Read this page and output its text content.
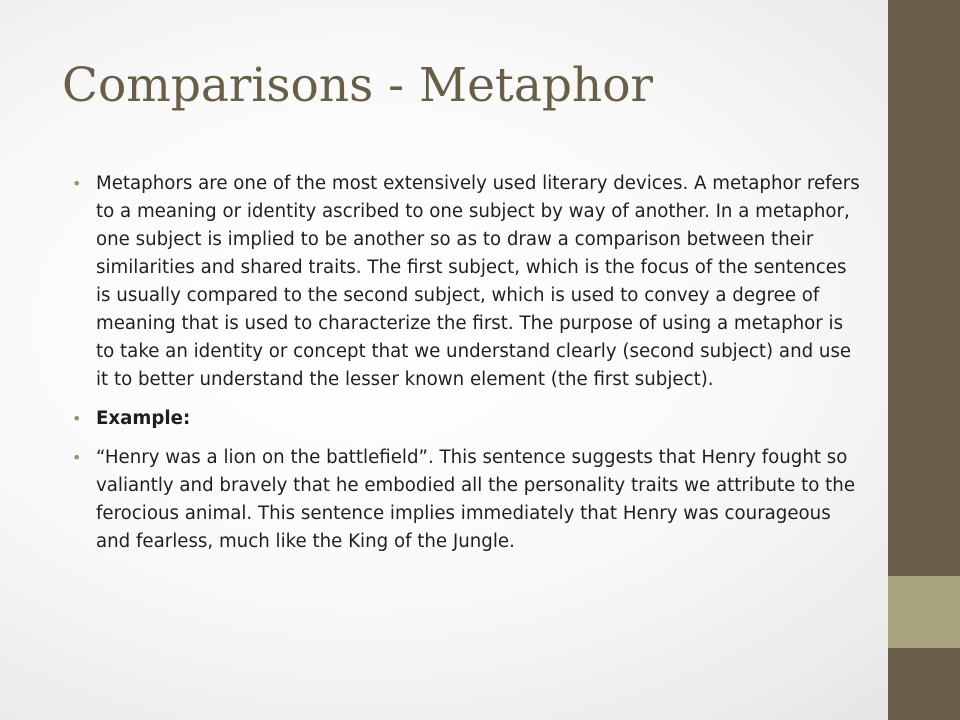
Comparisons - Metaphor
• Metaphors are one of the most extensively used literary devices. A metaphor refers to a meaning or identity ascribed to one subject by way of another. In a metaphor, one subject is implied to be another so as to draw a comparison between their similarities and shared traits. The first subject, which is the focus of the sentences is usually compared to the second subject, which is used to convey a degree of meaning that is used to characterize the first. The purpose of using a metaphor is to take an identity or concept that we understand clearly (second subject) and use it to better understand the lesser known element (the first subject).
• Example:
• “Henry was a lion on the battlefield”. This sentence suggests that Henry fought so valiantly and bravely that he embodied all the personality traits we attribute to the ferocious animal. This sentence implies immediately that Henry was courageous and fearless, much like the King of the Jungle.
